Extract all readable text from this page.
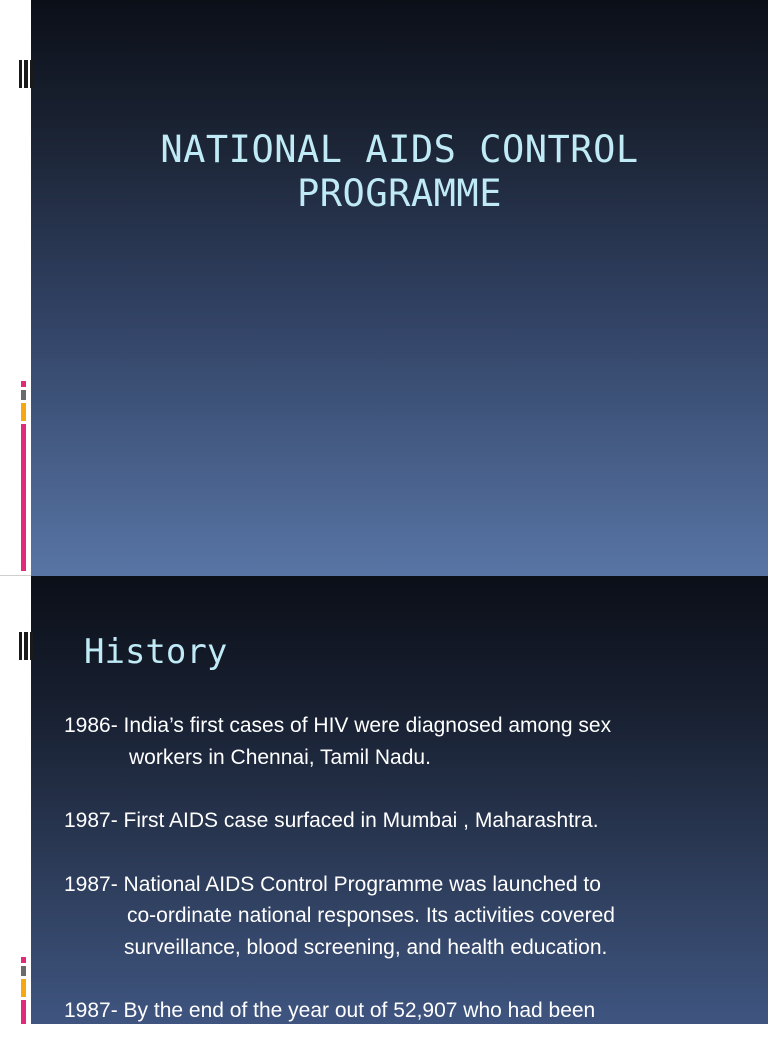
NATIONAL AIDS CONTROL
PROGRAMME
History

1986- India’s first cases of HIV were diagnosed among sex
workers in Chennai, Tamil Nadu.

1987- First AIDS case surfaced in Mumbai , Maharashtra.

1987- National AIDS Control Programme was launched to
co-ordinate national responses. Its activities covered
surveillance, blood screening, and health education.

1987- By the end of the year out of 52,907 who had been
